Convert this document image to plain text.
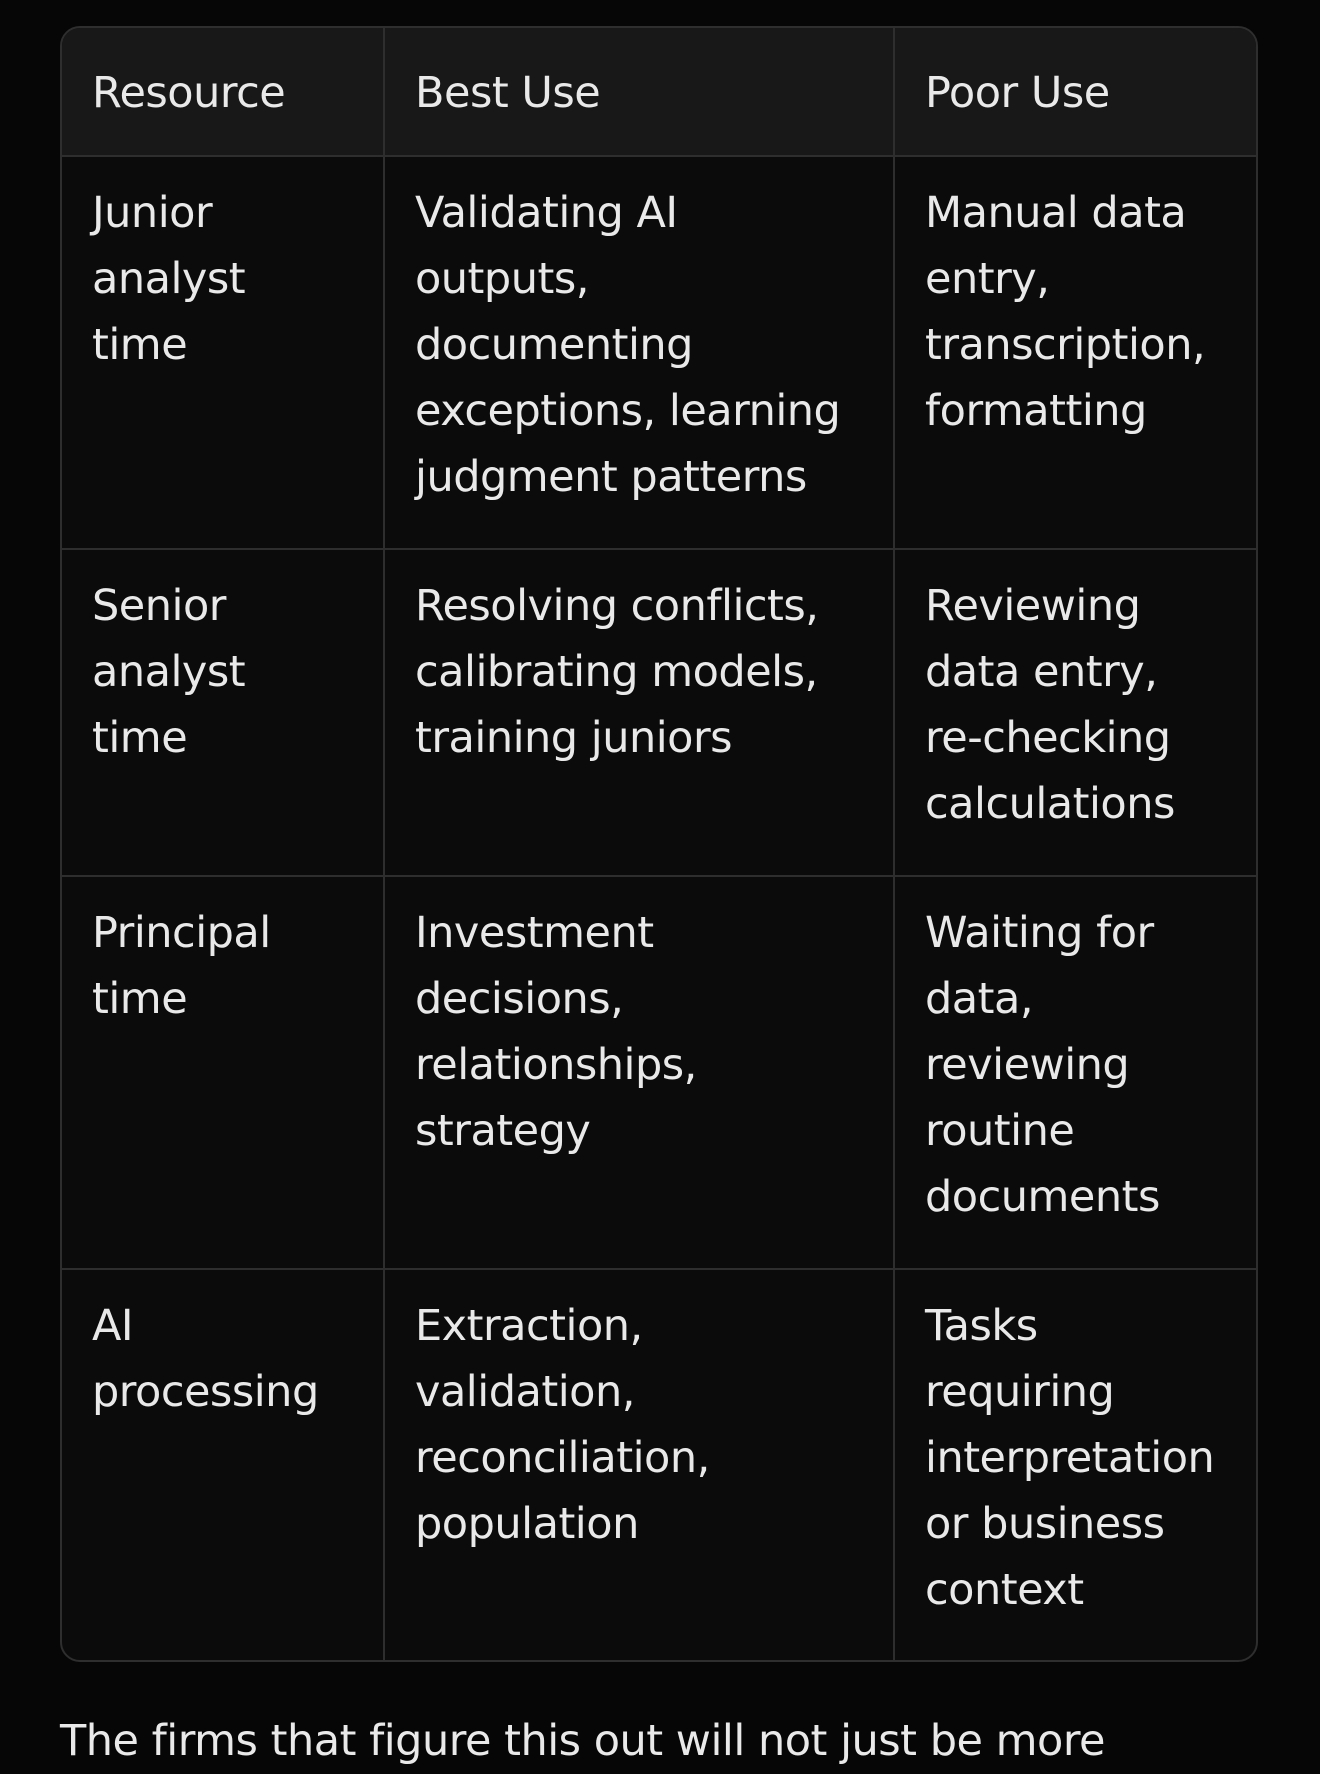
Resource	Best Use	Poor Use
Junior analyst time	Validating AI outputs, documenting exceptions, learning judgment patterns	Manual data entry, transcription, formatting
Senior analyst time	Resolving conflicts, calibrating models, training juniors	Reviewing data entry, re-checking calculations
Principal time	Investment decisions, relationships, strategy	Waiting for data, reviewing routine documents
AI processing	Extraction, validation, reconciliation, population	Tasks requiring interpretation or business context
The firms that figure this out will not just be more
